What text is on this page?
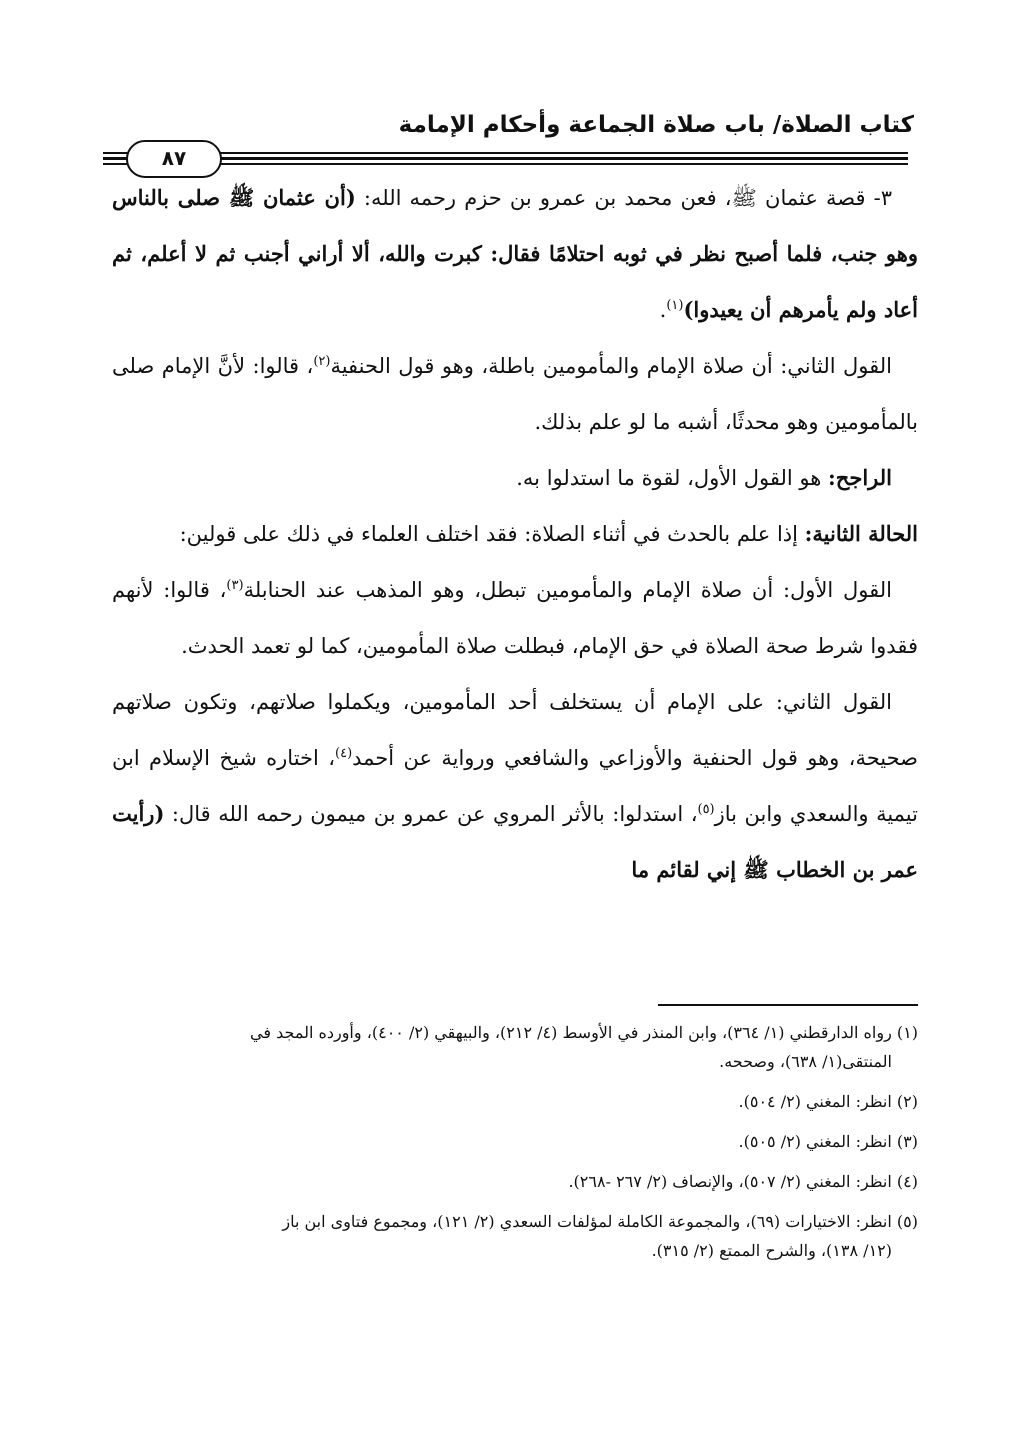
كتاب الصلاة/ باب صلاة الجماعة وأحكام الإمامة
٨٧

٣- قصة عثمان ﷺ، فعن محمد بن عمرو بن حزم رحمه الله: (أن عثمان ﷺ صلى بالناس وهو جنب، فلما أصبح نظر في ثوبه احتلامًا فقال: كبرت والله، ألا أراني أجنب ثم لا أعلم، ثم أعاد ولم يأمرهم أن يعيدوا)$^{(١)}$.

القول الثاني: أن صلاة الإمام والمأمومين باطلة، وهو قول الحنفية$^{(٢)}$، قالوا: لأنَّ الإمام صلى بالمأمومين وهو محدثًا، أشبه ما لو علم بذلك.

الراجح: هو القول الأول، لقوة ما استدلوا به.

الحالة الثانية: إذا علم بالحدث في أثناء الصلاة: فقد اختلف العلماء في ذلك على قولين:

القول الأول: أن صلاة الإمام والمأمومين تبطل، وهو المذهب عند الحنابلة$^{(٣)}$، قالوا: لأنهم فقدوا شرط صحة الصلاة في حق الإمام، فبطلت صلاة المأمومين، كما لو تعمد الحدث.

القول الثاني: على الإمام أن يستخلف أحد المأمومين، ويكملوا صلاتهم، وتكون صلاتهم صحيحة، وهو قول الحنفية والأوزاعي والشافعي ورواية عن أحمد$^{(٤)}$، اختاره شيخ الإسلام ابن تيمية والسعدي وابن باز$^{(٥)}$، استدلوا: بالأثر المروي عن عمرو بن ميمون رحمه الله قال: (رأيت عمر بن الخطاب ﷺ إني لقائم ما

(١) رواه الدارقطني (١/ ٣٦٤)، وابن المنذر في الأوسط (٤/ ٢١٢)، والبيهقي (٢/ ٤٠٠)، وأورده المجد في
المنتقى(١/ ٦٣٨)، وصححه.

(٢) انظر: المغني (٢/ ٥٠٤).

(٣) انظر: المغني (٢/ ٥٠٥).

(٤) انظر: المغني (٢/ ٥٠٧)، والإنصاف (٢/ ٢٦٧ -٢٦٨).

(٥) انظر: الاختيارات (٦٩)، والمجموعة الكاملة لمؤلفات السعدي (٢/ ١٢١)، ومجموع فتاوى ابن باز
(١٢/ ١٣٨)، والشرح الممتع (٢/ ٣١٥).
